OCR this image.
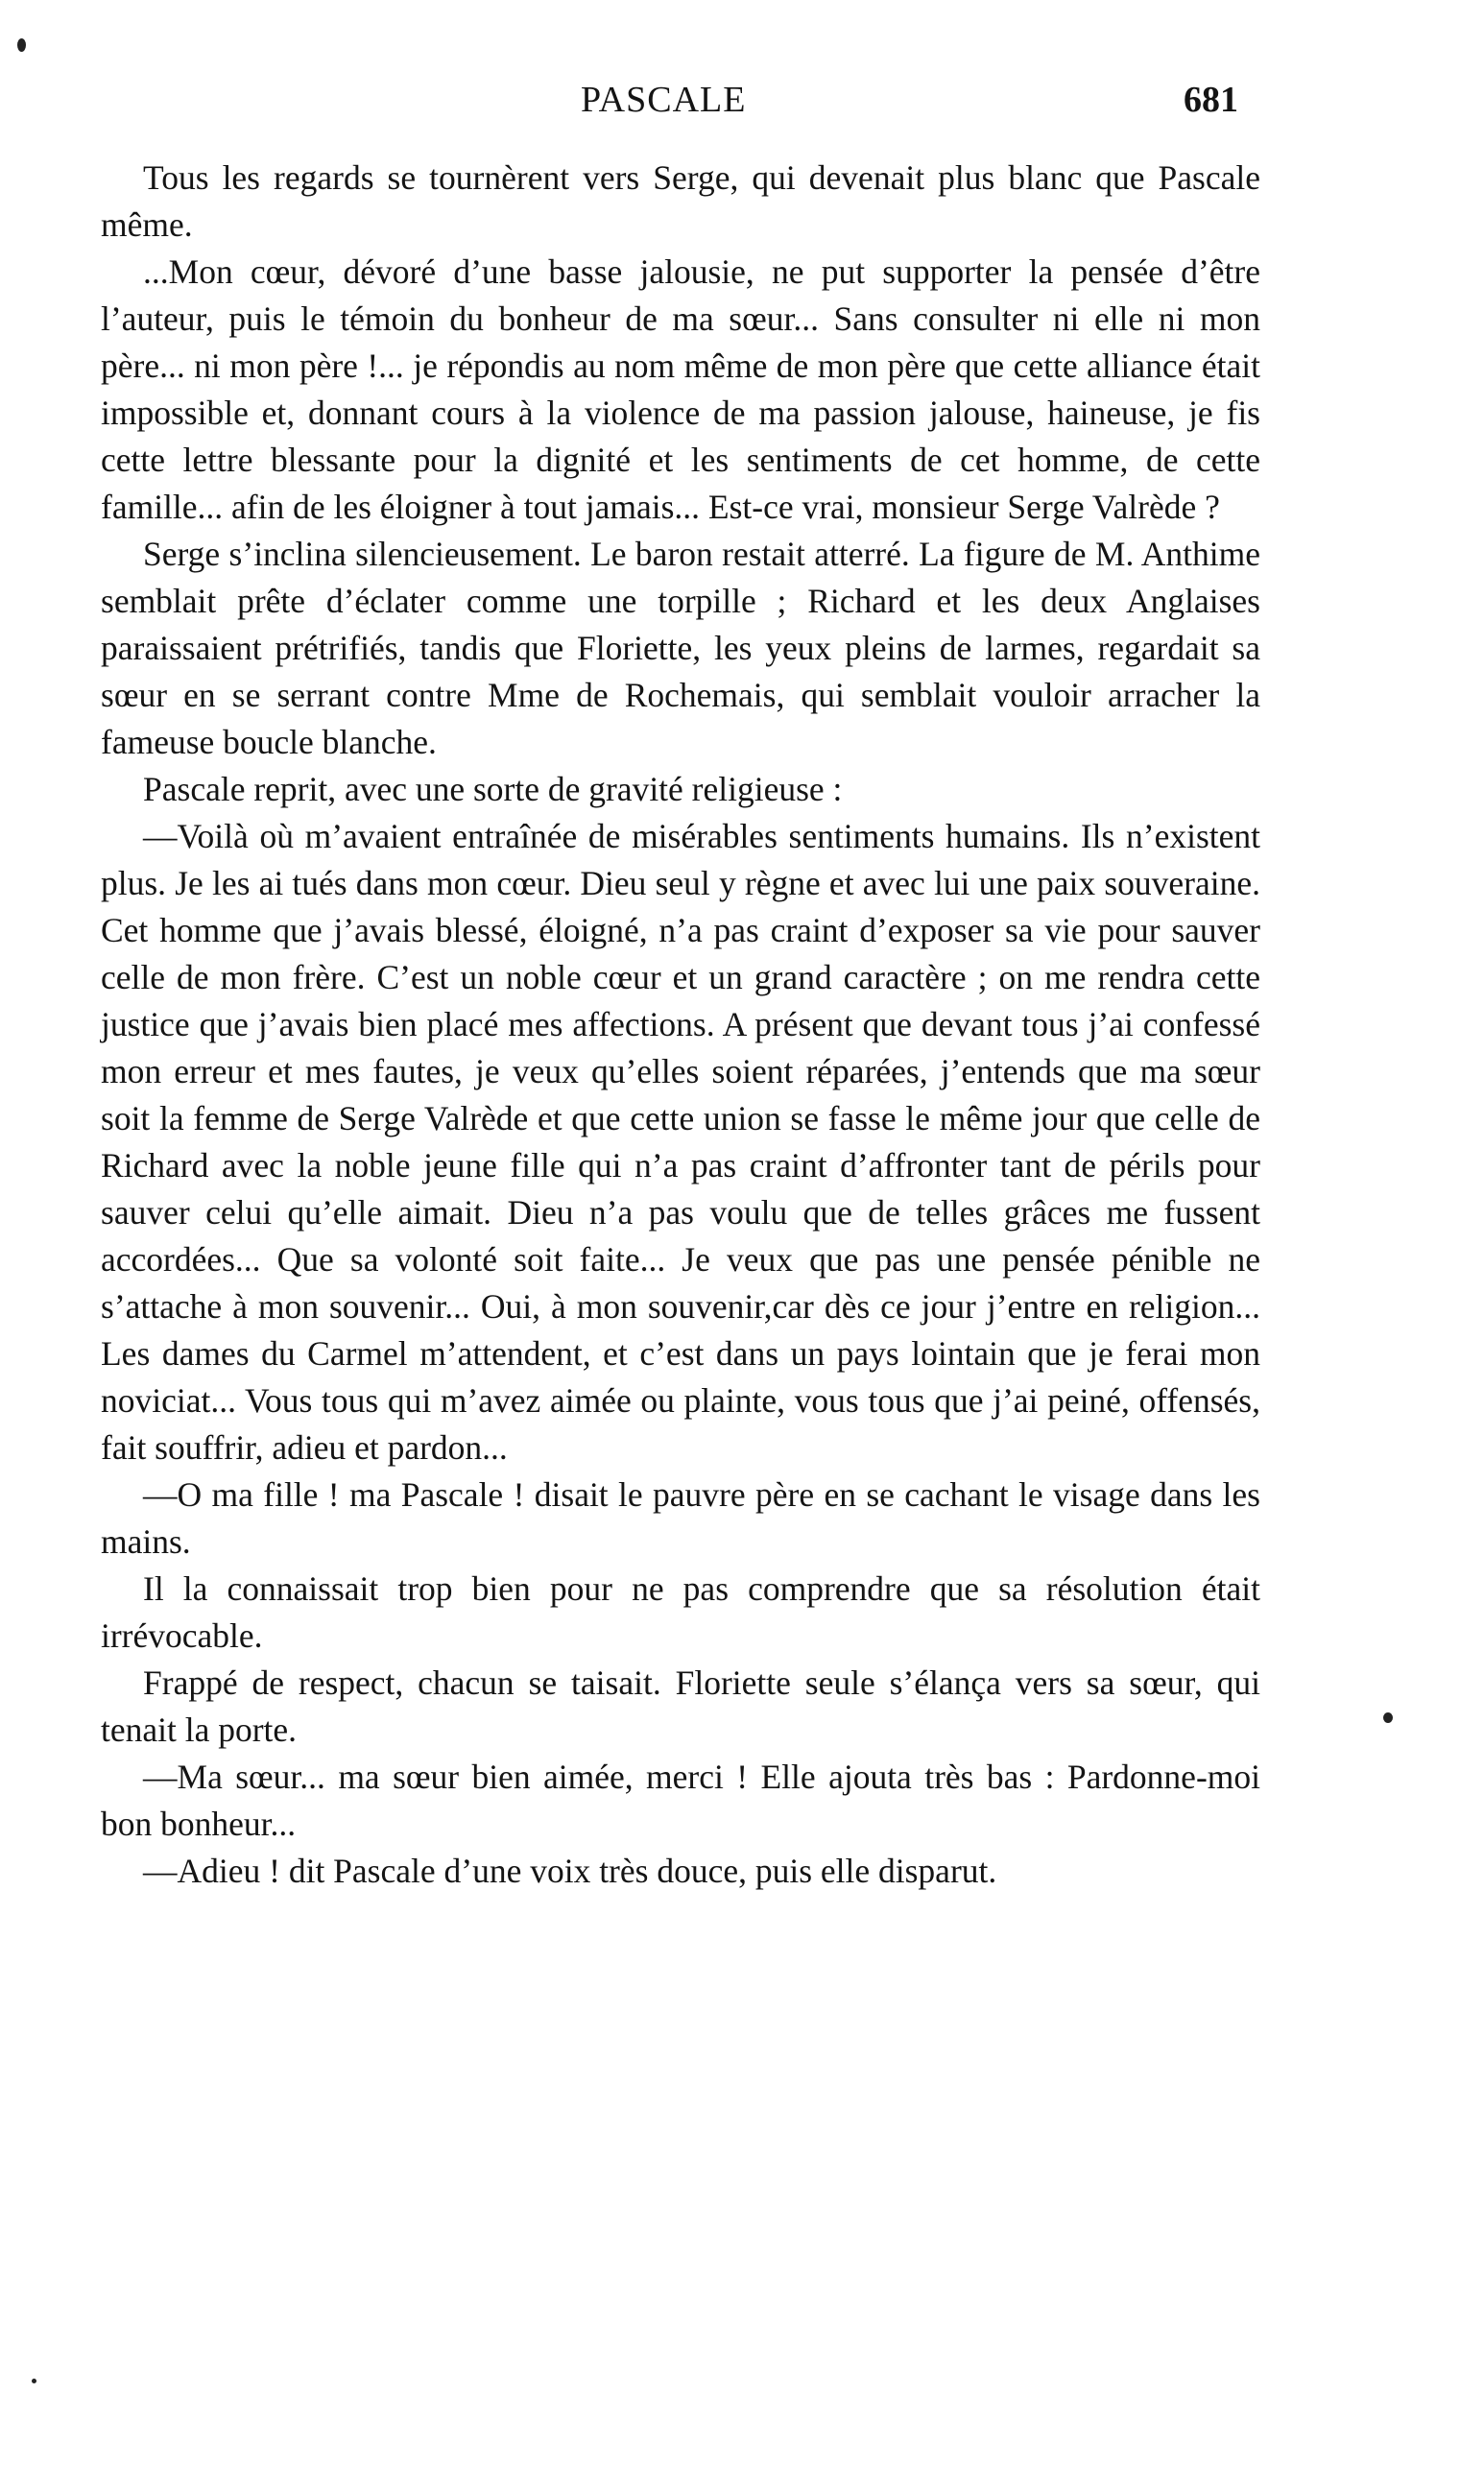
PASCALE	681

Tous les regards se tournèrent vers Serge, qui devenait plus blanc que Pascale même.

...Mon cœur, dévoré d’une basse jalousie, ne put supporter la pensée d’être l’auteur, puis le témoin du bonheur de ma sœur... Sans consulter ni elle ni mon père... ni mon père !... je répondis au nom même de mon père que cette alliance était impossible et, donnant cours à la violence de ma passion jalouse, haineuse, je fis cette lettre blessante pour la dignité et les sentiments de cet homme, de cette famille... afin de les éloigner à tout jamais... Est-ce vrai, monsieur Serge Valrède ?

Serge s’inclina silencieusement. Le baron restait atterré. La figure de M. Anthime semblait prête d’éclater comme une torpille ; Richard et les deux Anglaises paraissaient prétrifiés, tandis que Floriette, les yeux pleins de larmes, regardait sa sœur en se serrant contre Mme de Rochemais, qui semblait vouloir arracher la fameuse boucle blanche.

Pascale reprit, avec une sorte de gravité religieuse :

—Voilà où m’avaient entraînée de misérables sentiments humains. Ils n’existent plus. Je les ai tués dans mon cœur. Dieu seul y règne et avec lui une paix souveraine. Cet homme que j’avais blessé, éloigné, n’a pas craint d’exposer sa vie pour sauver celle de mon frère. C’est un noble cœur et un grand caractère ; on me rendra cette justice que j’avais bien placé mes affections. A présent que devant tous j’ai confessé mon erreur et mes fautes, je veux qu’elles soient réparées, j’entends que ma sœur soit la femme de Serge Valrède et que cette union se fasse le même jour que celle de Richard avec la noble jeune fille qui n’a pas craint d’affronter tant de périls pour sauver celui qu’elle aimait. Dieu n’a pas voulu que de telles grâces me fussent accordées... Que sa volonté soit faite... Je veux que pas une pensée pénible ne s’attache à mon souvenir... Oui, à mon souvenir,car dès ce jour j’entre en religion... Les dames du Carmel m’attendent, et c’est dans un pays lointain que je ferai mon noviciat... Vous tous qui m’avez aimée ou plainte, vous tous que j’ai peiné, offensés, fait souffrir, adieu et pardon...

—O ma fille ! ma Pascale ! disait le pauvre père en se cachant le visage dans les mains.

Il la connaissait trop bien pour ne pas comprendre que sa résolution était irrévocable.

Frappé de respect, chacun se taisait. Floriette seule s’élança vers sa sœur, qui tenait la porte.

—Ma sœur... ma sœur bien aimée, merci ! Elle ajouta très bas : Pardonne-moi bon bonheur...

—Adieu ! dit Pascale d’une voix très douce, puis elle disparut.
